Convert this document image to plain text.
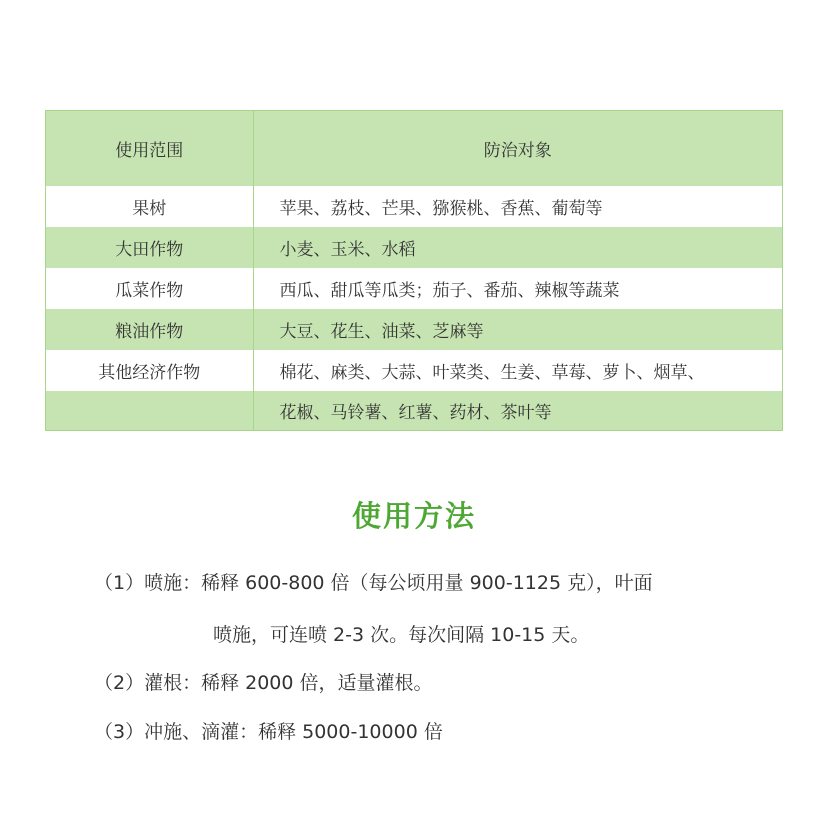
使用范围	防治对象
果树	苹果、荔枝、芒果、猕猴桃、香蕉、葡萄等
大田作物	小麦、玉米、水稻
瓜菜作物	西瓜、甜瓜等瓜类；茄子、番茄、辣椒等蔬菜
粮油作物	大豆、花生、油菜、芝麻等
其他经济作物	棉花、麻类、大蒜、叶菜类、生姜、草莓、萝卜、烟草、
	花椒、马铃薯、红薯、药材、茶叶等
使用方法
（1）喷施：稀释 600-800 倍（每公顷用量 900-1125 克），叶面
喷施，可连喷 2-3 次。每次间隔 10-15 天。
（2）灌根：稀释 2000 倍，适量灌根。
（3）冲施、滴灌：稀释 5000-10000 倍
